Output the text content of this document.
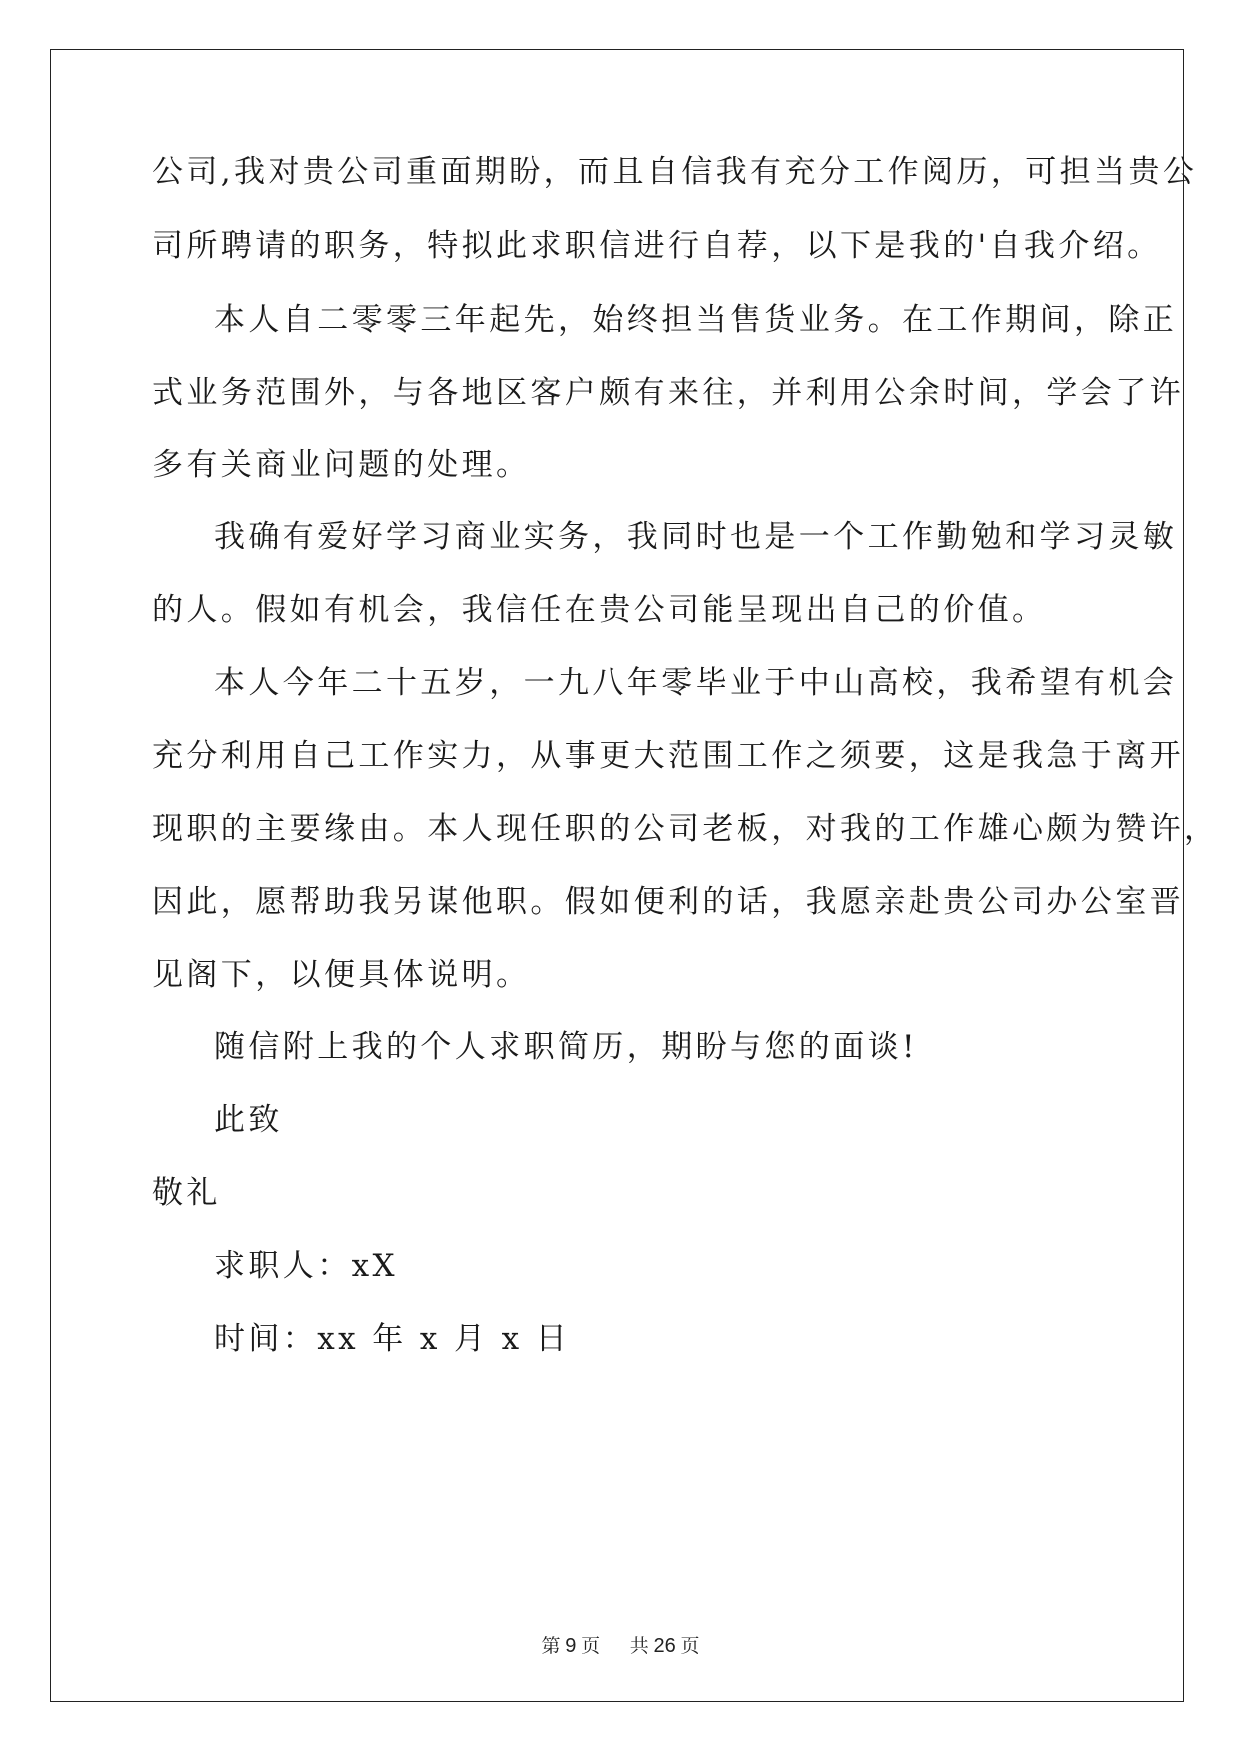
公司,我对贵公司重面期盼，而且自信我有充分工作阅历，可担当贵公
司所聘请的职务，特拟此求职信进行自荐，以下是我的'自我介绍。
本人自二零零三年起先，始终担当售货业务。在工作期间，除正
式业务范围外，与各地区客户颇有来往，并利用公余时间，学会了许
多有关商业问题的处理。
我确有爱好学习商业实务，我同时也是一个工作勤勉和学习灵敏
的人。假如有机会，我信任在贵公司能呈现出自己的价值。
本人今年二十五岁，一九八年零毕业于中山高校，我希望有机会
充分利用自己工作实力，从事更大范围工作之须要，这是我急于离开
现职的主要缘由。本人现任职的公司老板，对我的工作雄心颇为赞许，
因此，愿帮助我另谋他职。假如便利的话，我愿亲赴贵公司办公室晋
见阁下，以便具体说明。
随信附上我的个人求职简历，期盼与您的面谈!
此致
敬礼
求职人：xX
时间：xx 年 x 月 x 日
第 9 页 共 26 页
